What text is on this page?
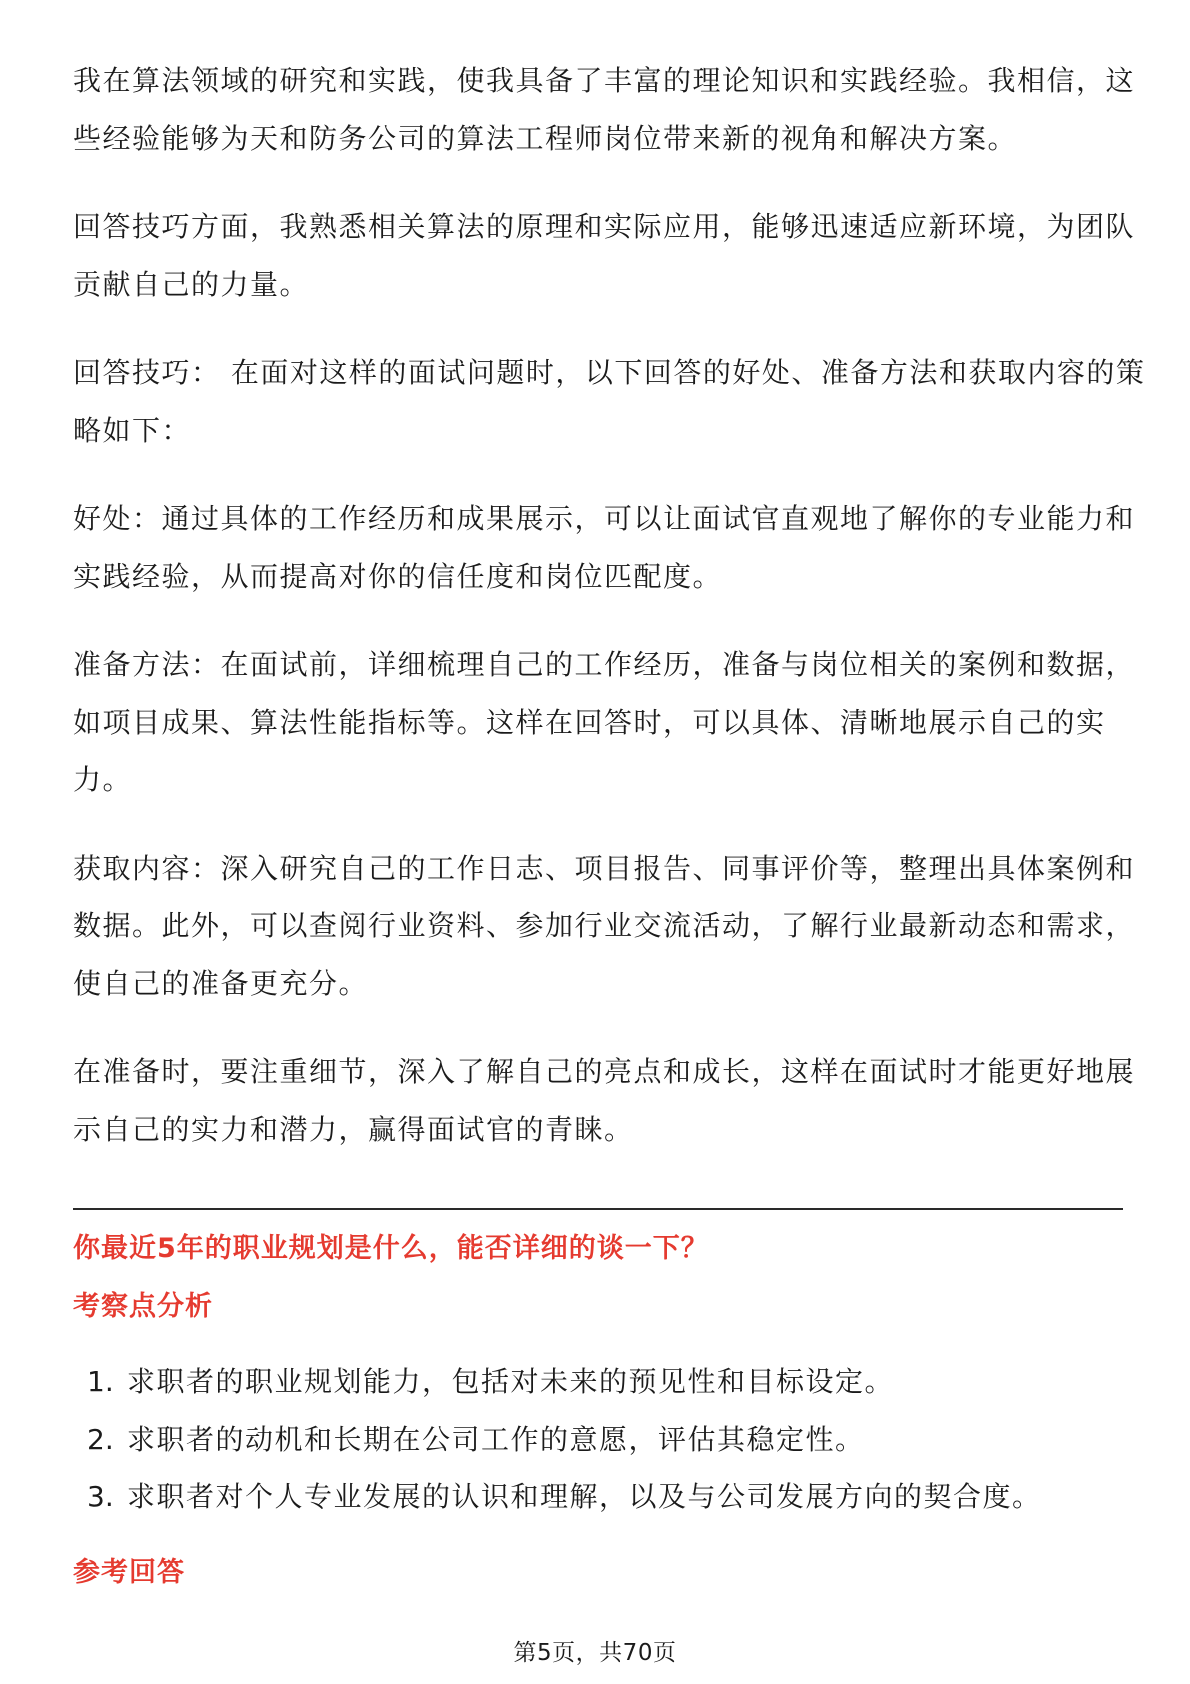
我在算法领域的研究和实践，使我具备了丰富的理论知识和实践经验。我相信，这
些经验能够为天和防务公司的算法工程师岗位带来新的视角和解决方案。
回答技巧方面，我熟悉相关算法的原理和实际应用，能够迅速适应新环境，为团队
贡献自己的力量。
回答技巧： 在面对这样的面试问题时，以下回答的好处、准备方法和获取内容的策
略如下：
好处：通过具体的工作经历和成果展示，可以让面试官直观地了解你的专业能力和
实践经验，从而提高对你的信任度和岗位匹配度。
准备方法：在面试前，详细梳理自己的工作经历，准备与岗位相关的案例和数据，
如项目成果、算法性能指标等。这样在回答时，可以具体、清晰地展示自己的实
力。
获取内容：深入研究自己的工作日志、项目报告、同事评价等，整理出具体案例和
数据。此外，可以查阅行业资料、参加行业交流活动，了解行业最新动态和需求，
使自己的准备更充分。
在准备时，要注重细节，深入了解自己的亮点和成长，这样在面试时才能更好地展
示自己的实力和潜力，赢得面试官的青睐。
你最近5年的职业规划是什么，能否详细的谈一下？
考察点分析
1. 求职者的职业规划能力，包括对未来的预见性和目标设定。
2. 求职者的动机和长期在公司工作的意愿，评估其稳定性。
3. 求职者对个人专业发展的认识和理解，以及与公司发展方向的契合度。
参考回答
第5页，共70页
